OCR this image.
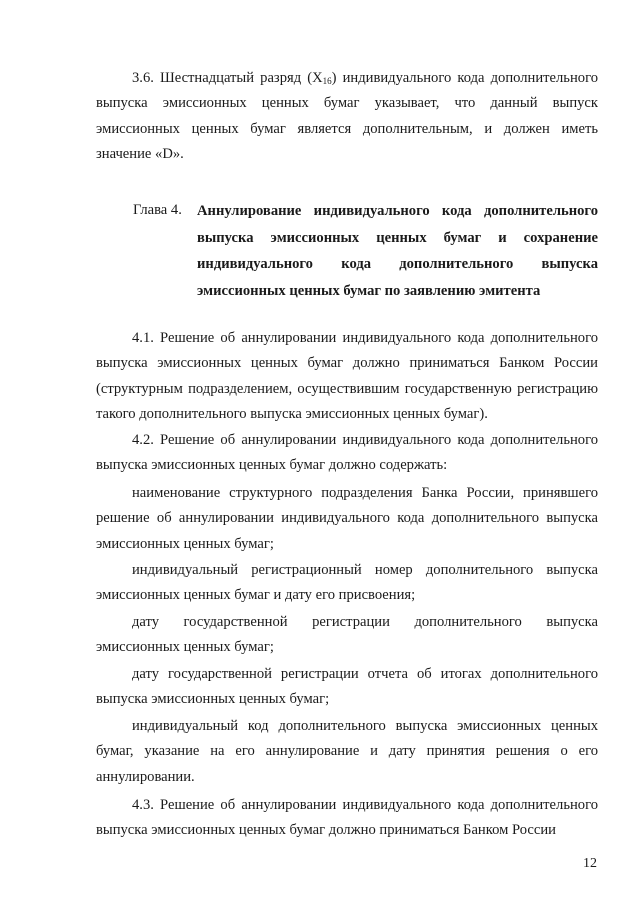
3.6. Шестнадцатый разряд $(X_{16})$ индивидуального кода дополнительного выпуска эмиссионных ценных бумаг указывает, что данный выпуск эмиссионных ценных бумаг является дополнительным, и должен иметь значение «D».

Глава 4. Аннулирование индивидуального кода дополнительного выпуска эмиссионных ценных бумаг и сохранение индивидуального кода дополнительного выпуска эмиссионных ценных бумаг по заявлению эмитента

4.1. Решение об аннулировании индивидуального кода дополнительного выпуска эмиссионных ценных бумаг должно приниматься Банком России (структурным подразделением, осуществившим государственную регистрацию такого дополнительного выпуска эмиссионных ценных бумаг).

4.2. Решение об аннулировании индивидуального кода дополнительного выпуска эмиссионных ценных бумаг должно содержать:

наименование структурного подразделения Банка России, принявшего решение об аннулировании индивидуального кода дополнительного выпуска эмиссионных ценных бумаг;

индивидуальный регистрационный номер дополнительного выпуска эмиссионных ценных бумаг и дату его присвоения;

дату государственной регистрации дополнительного выпуска эмиссионных ценных бумаг;

дату государственной регистрации отчета об итогах дополнительного выпуска эмиссионных ценных бумаг;

индивидуальный код дополнительного выпуска эмиссионных ценных бумаг, указание на его аннулирование и дату принятия решения о его аннулировании.

4.3. Решение об аннулировании индивидуального кода дополнительного выпуска эмиссионных ценных бумаг должно приниматься Банком России

12
